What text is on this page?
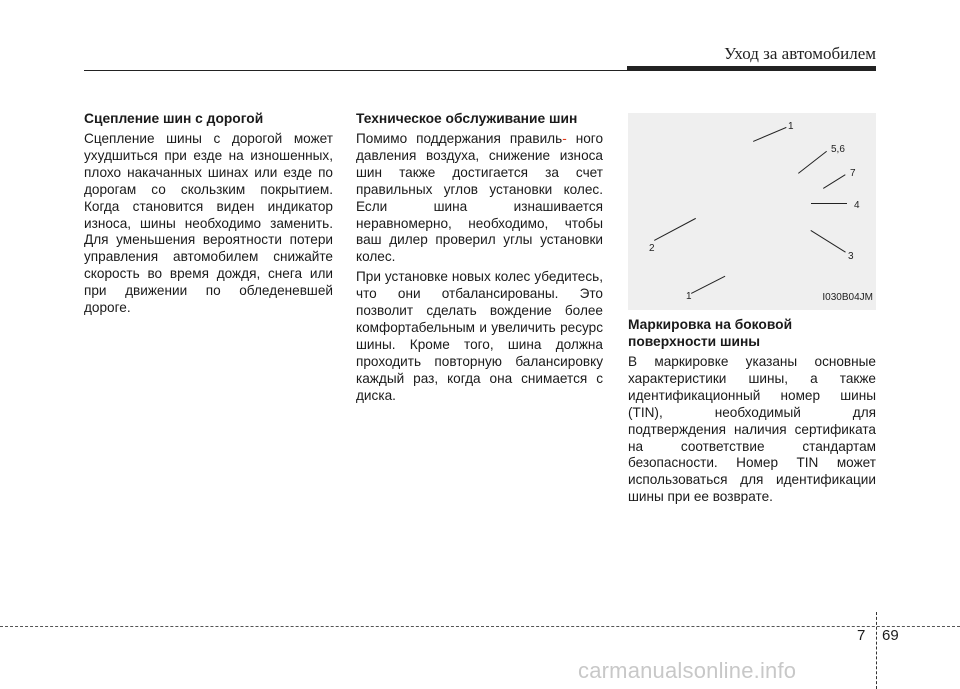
Уход за автомобилем
Сцепление шин с дорогой

Сцепление шины с дорогой может ухудшиться при езде на изношенных, плохо накачанных шинах или езде по дорогам со скользким покрытием. Когда становится виден индикатор износа, шины необходимо заменить. Для уменьшения вероятности потери управления автомобилем снижайте скорость во время дождя, снега или при движении по обледеневшей дороге.

Техническое обслуживание шин

Помимо поддержания правиль- ного давления воздуха, снижение износа шин также достигается за счет правильных углов установки колес. Если шина изнашивается неравномерно, необходимо, чтобы ваш дилер проверил углы установки колес.

При установке новых колес убедитесь, что они отбалансированы. Это позволит сделать вождение более комфортабельным и увеличить ресурс шины. Кроме того, шина должна проходить повторную балансировку каждый раз, когда она снимается с диска.

1
5,6
7
4
3
2
1	I030B04JM
Маркировка на боковой поверхности шины

В маркировке указаны основные характеристики шины, а также идентификационный номер шины (TIN), необходимый для подтверждения наличия сертификата на соответствие стандартам безопасности. Номер TIN может использоваться для идентификации шины при ее возврате.

7 69
carmanualsonline.info
